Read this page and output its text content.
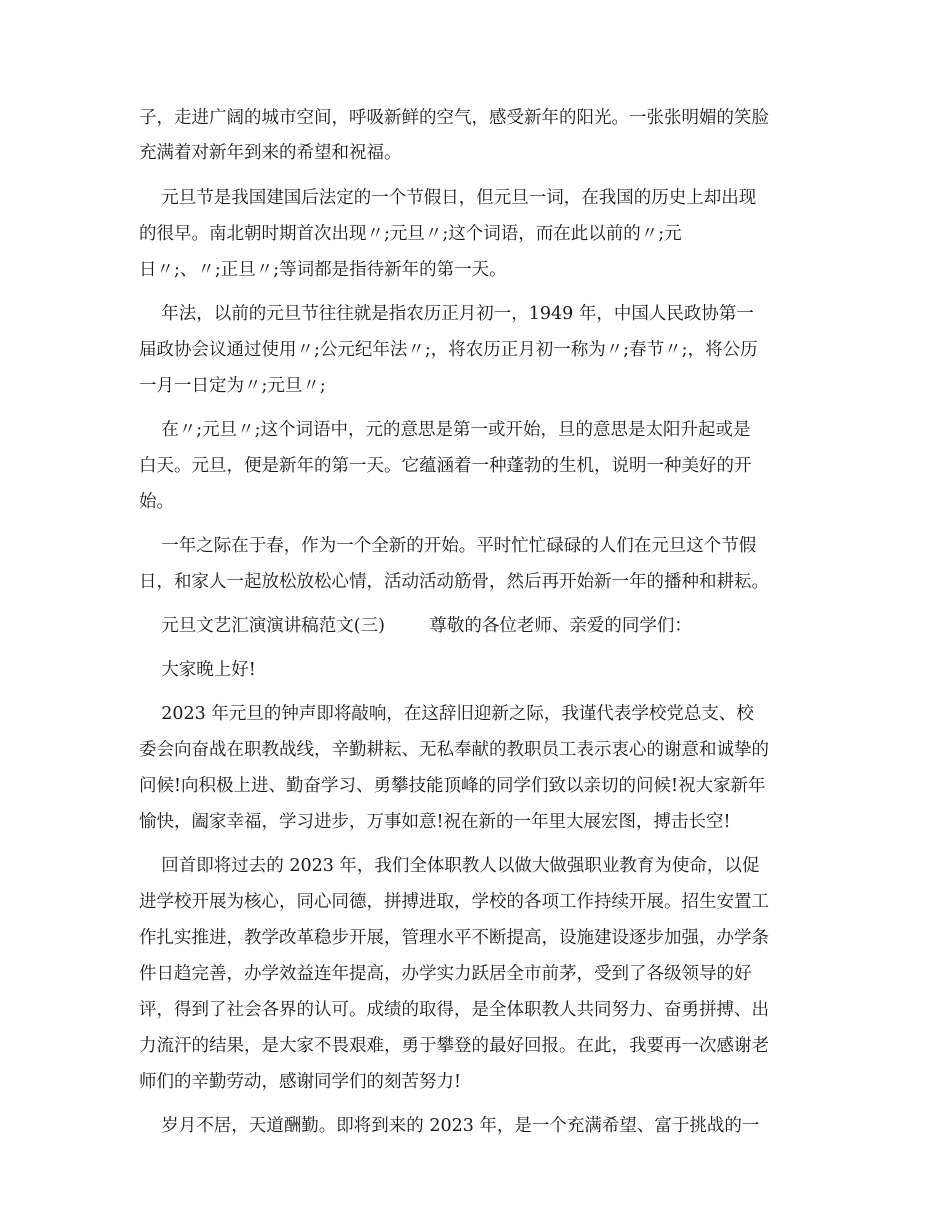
子，走进广阔的城市空间，呼吸新鲜的空气，感受新年的阳光。一张张明媚的笑脸
充满着对新年到来的希望和祝福。
元旦节是我国建国后法定的一个节假日，但元旦一词，在我国的历史上却出现
的很早。南北朝时期首次出现〃;元旦〃;这个词语，而在此以前的〃;元
日〃;、〃;正旦〃;等词都是指待新年的第一天。
年法，以前的元旦节往往就是指农历正月初一，1949 年，中国人民政协第一
届政协会议通过使用〃;公元纪年法〃;，将农历正月初一称为〃;春节〃;，将公历
一月一日定为〃;元旦〃;
在〃;元旦〃;这个词语中，元的意思是第一或开始，旦的意思是太阳升起或是
白天。元旦，便是新年的第一天。它蕴涵着一种蓬勃的生机，说明一种美好的开
始。
一年之际在于春，作为一个全新的开始。平时忙忙碌碌的人们在元旦这个节假
日，和家人一起放松放松心情，活动活动筋骨，然后再开始新一年的播种和耕耘。
元旦文艺汇演演讲稿范文(三)        尊敬的各位老师、亲爱的同学们：
大家晚上好!
2023 年元旦的钟声即将敲响，在这辞旧迎新之际，我谨代表学校党总支、校
委会向奋战在职教战线，辛勤耕耘、无私奉献的教职员工表示衷心的谢意和诚挚的
问候!向积极上进、勤奋学习、勇攀技能顶峰的同学们致以亲切的问候!祝大家新年
愉快，阖家幸福，学习进步，万事如意!祝在新的一年里大展宏图，搏击长空!
回首即将过去的 2023 年，我们全体职教人以做大做强职业教育为使命，以促
进学校开展为核心，同心同德，拼搏进取，学校的各项工作持续开展。招生安置工
作扎实推进，教学改革稳步开展，管理水平不断提高，设施建设逐步加强，办学条
件日趋完善，办学效益连年提高，办学实力跃居全市前茅，受到了各级领导的好
评，得到了社会各界的认可。成绩的取得，是全体职教人共同努力、奋勇拼搏、出
力流汗的结果，是大家不畏艰难，勇于攀登的最好回报。在此，我要再一次感谢老
师们的辛勤劳动，感谢同学们的刻苦努力!
岁月不居，天道酬勤。即将到来的 2023 年，是一个充满希望、富于挑战的一
